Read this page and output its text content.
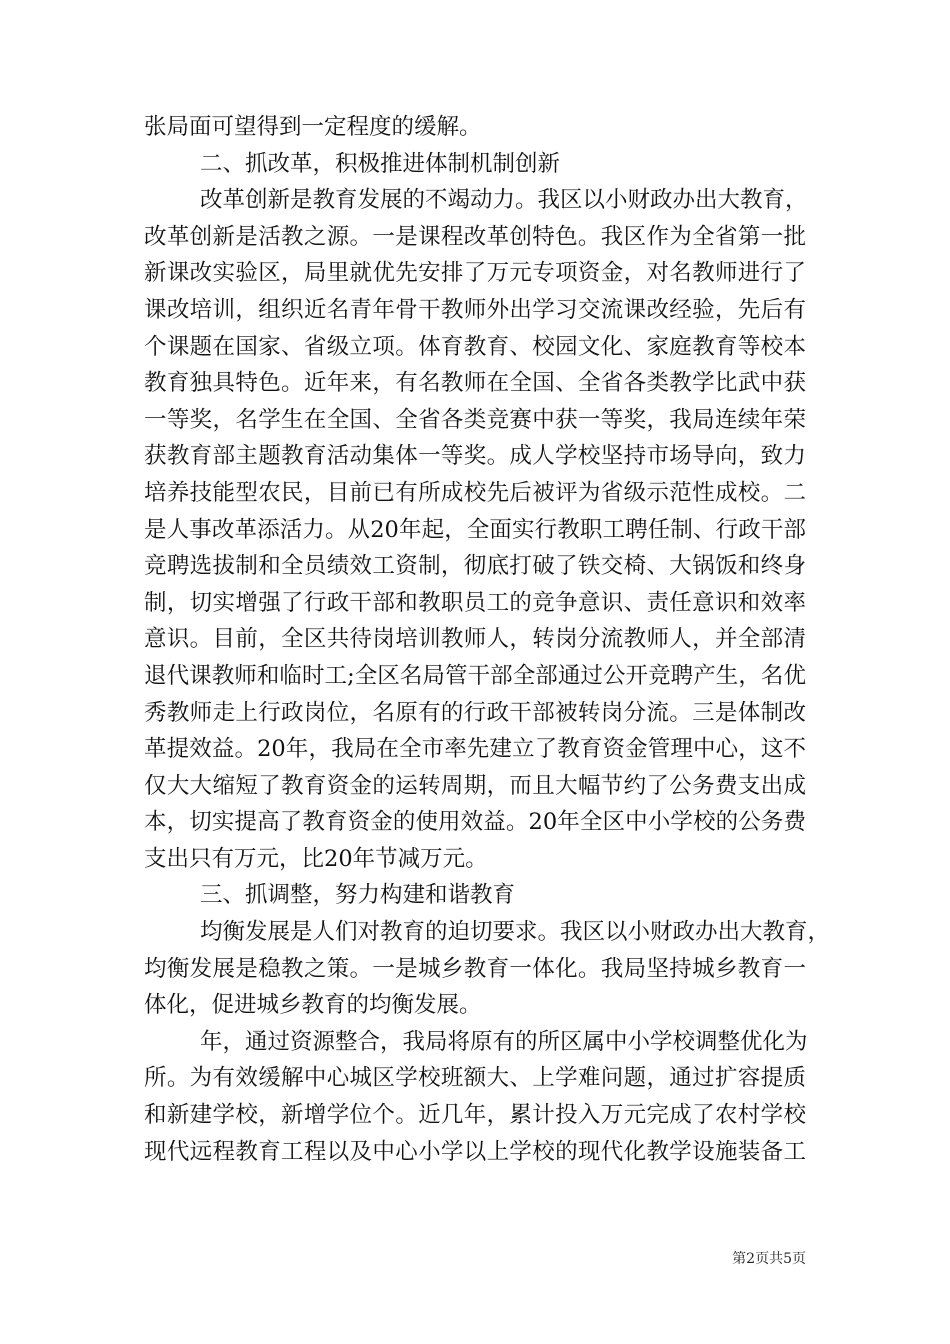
张局面可望得到一定程度的缓解。
二、抓改革，积极推进体制机制创新
改革创新是教育发展的不竭动力。我区以小财政办出大教育，
改革创新是活教之源。一是课程改革创特色。我区作为全省第一批
新课改实验区，局里就优先安排了万元专项资金，对名教师进行了
课改培训，组织近名青年骨干教师外出学习交流课改经验，先后有
个课题在国家、省级立项。体育教育、校园文化、家庭教育等校本
教育独具特色。近年来，有名教师在全国、全省各类教学比武中获
一等奖，名学生在全国、全省各类竞赛中获一等奖，我局连续年荣
获教育部主题教育活动集体一等奖。成人学校坚持市场导向，致力
培养技能型农民，目前已有所成校先后被评为省级示范性成校。二
是人事改革添活力。从20年起，全面实行教职工聘任制、行政干部
竞聘选拔制和全员绩效工资制，彻底打破了铁交椅、大锅饭和终身
制，切实增强了行政干部和教职员工的竞争意识、责任意识和效率
意识。目前，全区共待岗培训教师人，转岗分流教师人，并全部清
退代课教师和临时工;全区名局管干部全部通过公开竞聘产生，名优
秀教师走上行政岗位，名原有的行政干部被转岗分流。三是体制改
革提效益。20年，我局在全市率先建立了教育资金管理中心，这不
仅大大缩短了教育资金的运转周期，而且大幅节约了公务费支出成
本，切实提高了教育资金的使用效益。20年全区中小学校的公务费
支出只有万元，比20年节减万元。
三、抓调整，努力构建和谐教育
均衡发展是人们对教育的迫切要求。我区以小财政办出大教育，
均衡发展是稳教之策。一是城乡教育一体化。我局坚持城乡教育一
体化，促进城乡教育的均衡发展。
年，通过资源整合，我局将原有的所区属中小学校调整优化为
所。为有效缓解中心城区学校班额大、上学难问题，通过扩容提质
和新建学校，新增学位个。近几年，累计投入万元完成了农村学校
现代远程教育工程以及中心小学以上学校的现代化教学设施装备工
第2页共5页
